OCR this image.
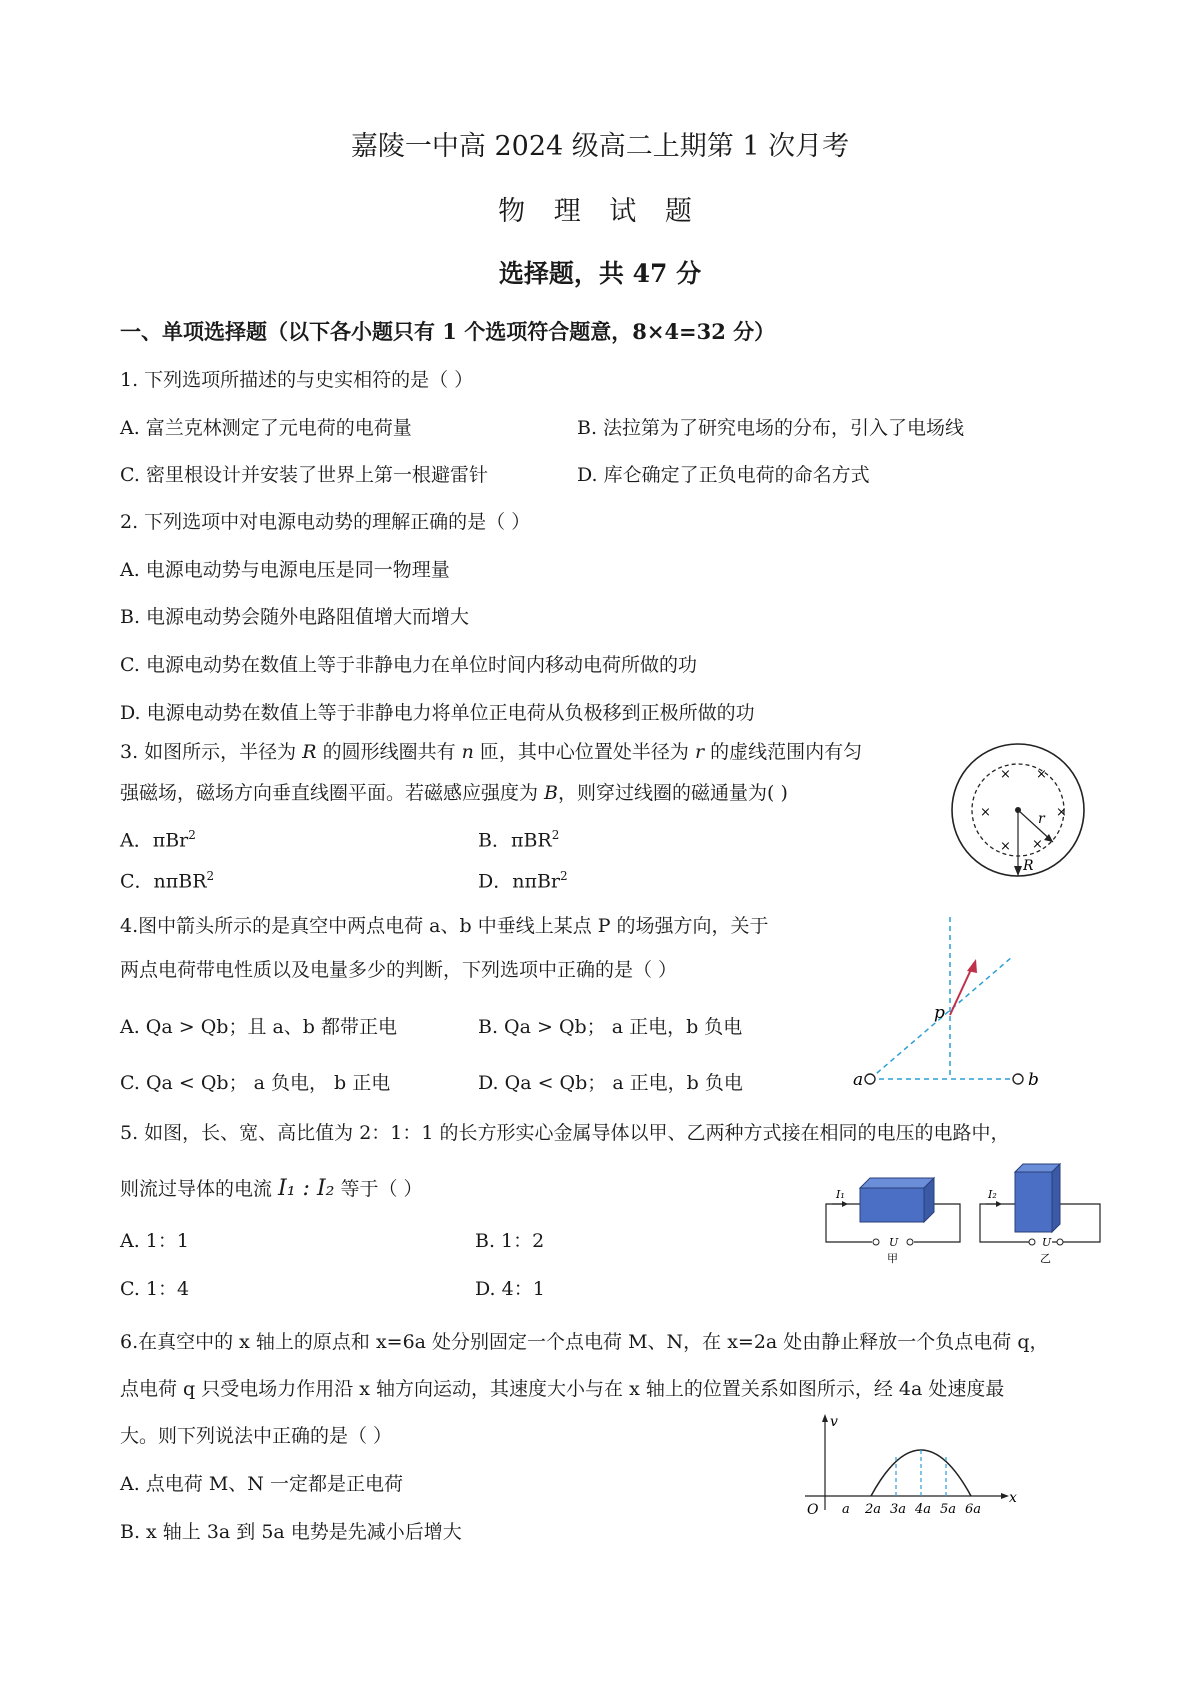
嘉陵一中高 2024 级高二上期第 1 次月考
物 理 试 题
选择题，共 47 分
一、单项选择题（以下各小题只有 1 个选项符合题意，8×4=32 分）
1. 下列选项所描述的与史实相符的是（ ）
A. 富兰克林测定了元电荷的电荷量	B. 法拉第为了研究电场的分布，引入了电场线
C. 密里根设计并安装了世界上第一根避雷针	D. 库仑确定了正负电荷的命名方式
2. 下列选项中对电源电动势的理解正确的是（ ）
A. 电源电动势与电源电压是同一物理量
B. 电源电动势会随外电路阻值增大而增大
C. 电源电动势在数值上等于非静电力在单位时间内移动电荷所做的功
D. 电源电动势在数值上等于非静电力将单位正电荷从负极移到正极所做的功
3. 如图所示，半径为 R 的圆形线圈共有 n 匝，其中心位置处半径为 r 的虚线范围内有匀
强磁场，磁场方向垂直线圈平面。若磁感应强度为 B，则穿过线圈的磁通量为( )
A．πBr$^2$	B．πBR$^2$
C．nπBR$^2$	D．nπBr$^2$
× ×
×	×
× ×
r
R
4.图中箭头所示的是真空中两点电荷 a、b 中垂线上某点 P 的场强方向，关于
两点电荷带电性质以及电量多少的判断，下列选项中正确的是（ ）
A. Qa > Qb；且 a、b 都带正电	B. Qa > Qb； a 正电，b 负电
C. Qa < Qb； a 负电， b 正电	D. Qa < Qb； a 正电，b 负电	a	b
p
5. 如图，长、宽、高比值为 2：1：1 的长方形实心金属导体以甲、乙两种方式接在相同的电压的电路中，
则流过导体的电流 I₁ : I₂ 等于（ ）
A. 1：1	B. 1：2
C. 1：4	D. 4：1
I₁
U
甲
I₂
U
乙
6.在真空中的 x 轴上的原点和 x=6a 处分别固定一个点电荷 M、N，在 x=2a 处由静止释放一个负点电荷 q，
点电荷 q 只受电场力作用沿 x 轴方向运动，其速度大小与在 x 轴上的位置关系如图所示，经 4a 处速度最
大。则下列说法中正确的是（ ）
A. 点电荷 M、N 一定都是正电荷
B. x 轴上 3a 到 5a 电势是先减小后增大
v
x
O a 2a 3a 4a 5a 6a
